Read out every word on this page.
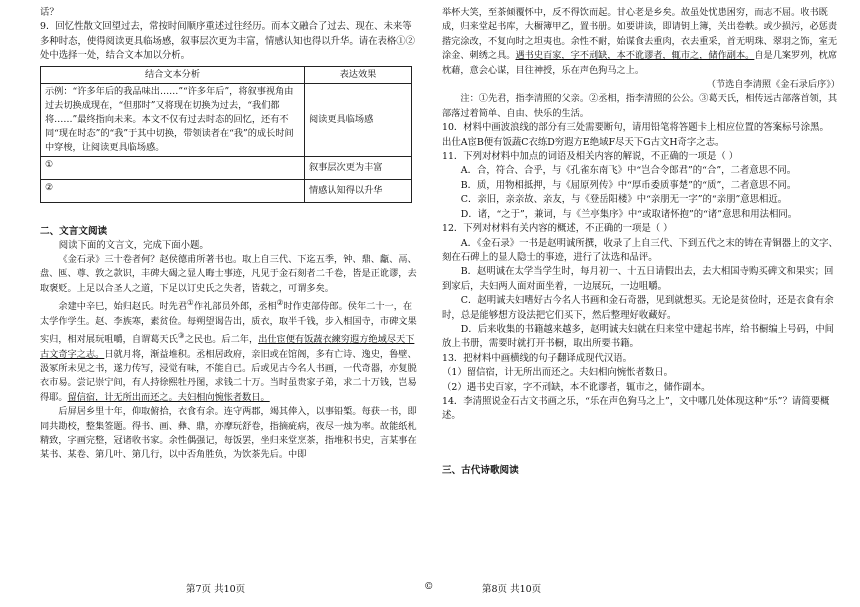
话？

9．回忆性散文回望过去，常按时间顺序重述过往经历。而本文融合了过去、现在、未来等多种时态，使得阅读更具临场感，叙事层次更为丰富，情感认知也得以升华。请在表格①②处中选择一处，结合文本加以分析。

结合文本分析	表达效果
示例：“许多年后的我品味出……”“许多年后”，将叙事视角由过去切换成现在，“但那时”又将现在切换为过去，“我们都将……”最终指向未来。本文不仅有过去时态的回忆，还有不同“现在时态”的“我”于其中切换，带领读者在“我”的成长时间中穿梭，让阅读更具临场感。	阅读更具临场感
①	叙事层次更为丰富
②	情感认知得以升华

二、文言文阅读

阅读下面的文言文，完成下面小题。

《金石录》三十卷者何？赵侯德甫所著书也。取上自三代、下迄五季，钟、鼎、甗、鬲、盘、匜、尊、敦之款识，丰碑大碣之显人晦士事迹，凡见于金石刻者二千卷，皆是正讹谬，去取褒贬。上足以合圣人之道，下足以订史氏之失者，皆载之，可谓多矣。

余建中辛巳，始归赵氏。时先君①作礼部员外郎，丞相②时作吏部侍郎。侯年二十一，在太学作学生。赵、李族寒，素贫俭。每朔望谒告出，质衣，取半千钱，步入相国寺，市碑文果实归，相对展玩咀嚼，自谓葛天氏③之民也。后二年，出仕宦便有饭蔬衣練穷遐方绝域尽天下古文奇字之志。日就月将，渐益堆积。丞相居政府，亲旧或在馆阁，多有亡诗、逸史，鲁壁、汲冢所未见之书，遂力传写，浸觉有味，不能自已。后或见古今名人书画，一代奇器，亦复脱衣市易。尝记崇宁间，有人持徐熙牡丹图，求钱二十万。当时虽贵家子弟，求二十万钱，岂易得耶。留信宿，计无所出而还之。夫妇相向惋怅者数日。

后屏居乡里十年，仰取俯拾，衣食有余。连守两郡，竭其俸入，以事铅椠。每获一书，即同共勘校，整集签题。得书、画、彝、鼎，亦摩玩舒卷，指摘疵病，夜尽一烛为率。故能纸札精致，字画完整，冠诸收书家。余性偶强记，每饭罢，坐归来堂烹茶，指堆积书史，言某事在某书、某卷、第几叶、第几行，以中否角胜负，为饮茶先后。中即

第7页 共10页	©

举杯大笑，至茶倾覆怀中，反不得饮而起。甘心老是乡矣。故虽处忧患困穷，而志不屈。收书既成，归来堂起书库，大橱簿甲乙，置书册。如要讲读，即请钥上簿，关出卷帙。或少损污，必惩责揩完涂改，不复向时之坦夷也。余性不耐，始谋食去重肉，衣去重采，首无明珠、翠羽之饰，室无涂金、刺绣之具。遇书史百家，字不刓缺，本不讹谬者，辄市之，储作副本。自是几案罗列，枕席枕藉，意会心谋，目往神授，乐在声色狗马之上。

（节选自李清照《金石录后序》）

注：①先君，指李清照的父亲。②丞相，指李清照的公公。③葛天氏，相传远古部落首领，其部落过着简单、自由、快乐的生活。

10．材料中画波浪线的部分有三处需要断句，请用铅笔将答题卡上相应位置的答案标号涂黑。

出仕A宦B便有饭蔬C衣练D穷遐方E绝域F尽天下G古文H奇字之志。

11．下列对材料中加点的词语及相关内容的解说，不正确的一项是（ ）

A．合，符合、合乎，与《孔雀东南飞》中“岂合令郎君”的“合”，二者意思不同。

B．质，用物相抵押，与《屈原列传》中“厚币委质事楚”的“质”，二者意思不同。

C．亲旧，亲亲故、亲友，与《登岳阳楼》中“亲朋无一字”的“亲朋”意思相近。

D．诸，“之于”，兼词，与《兰亭集序》中“或取诸怀抱”的“诸”意思和用法相同。

12．下列对材料有关内容的概述，不正确的一项是（ ）

A．《金石录》一书是赵明诚所撰，收录了上自三代、下到五代之末的铸在青铜器上的文字、刻在石碑上的显人隐士的事迹，进行了汰选和品评。

B．赵明诚在太学当学生时，每月初一、十五日请假出去，去大相国寺购买碑文和果实；回到家后，夫妇两人面对面坐着，一边展玩，一边咀嚼。

C．赵明诚夫妇嗜好古今名人书画和金石奇器，见到就想买。无论是贫俭时，还是衣食有余时，总是能够想方设法把它们买下，然后整理好收藏好。

D．后来收集的书籍越来越多，赵明诚夫妇就在归来堂中建起书库，给书橱编上号码，中间放上书册，需要时就打开书橱，取出所要书籍。

13．把材料中画横线的句子翻译成现代汉语。

（1）留信宿，计无所出而还之。夫妇相向惋怅者数日。

（2）遇书史百家，字不刓缺，本不讹谬者，辄市之，储作副本。

14．李清照说金石古文书画之乐，“乐在声色狗马之上”，文中哪几处体现这种“乐”？请简要概述。

三、古代诗歌阅读

第8页 共10页
